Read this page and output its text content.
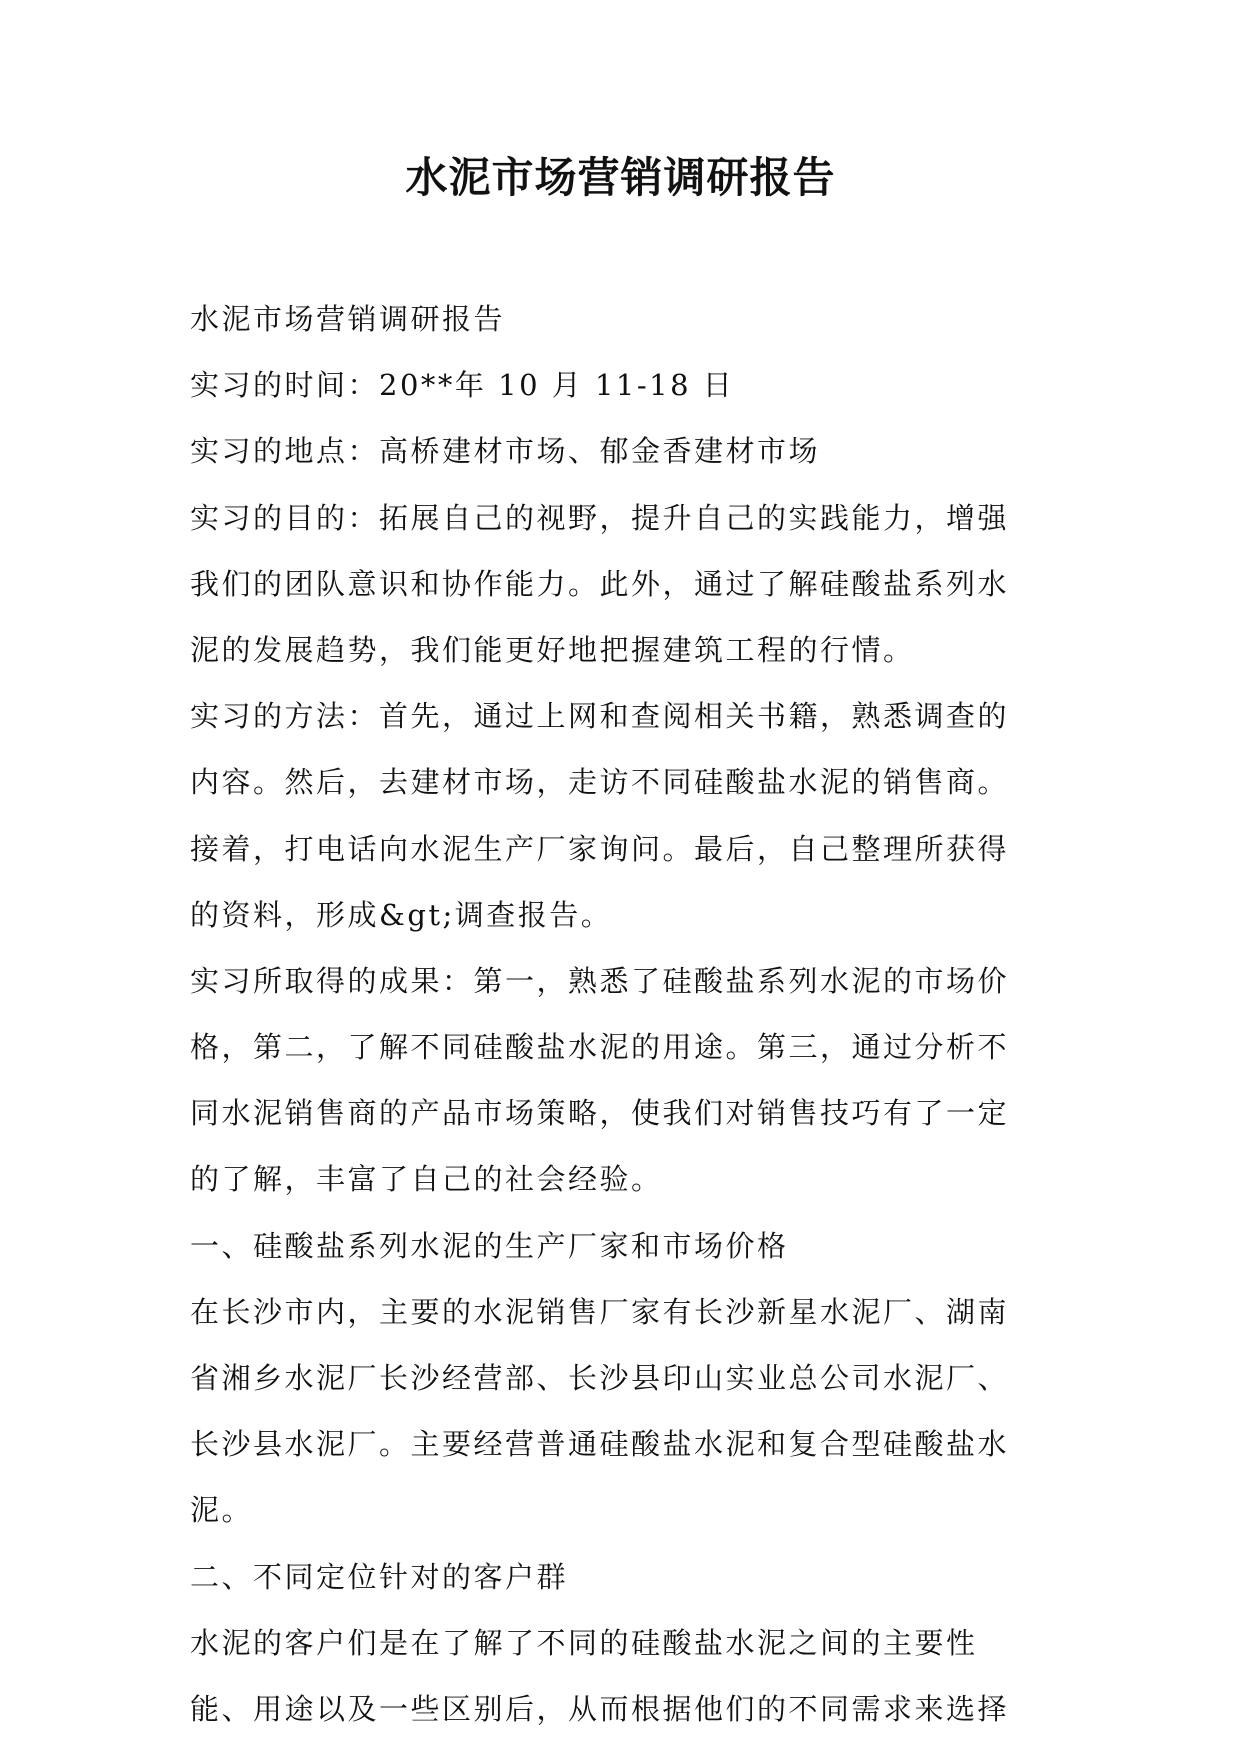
水泥市场营销调研报告

水泥市场营销调研报告

实习的时间：20**年 10 月 11-18 日

实习的地点：高桥建材市场、郁金香建材市场

实习的目的：拓展自己的视野，提升自己的实践能力，增强
我们的团队意识和协作能力。此外，通过了解硅酸盐系列水
泥的发展趋势，我们能更好地把握建筑工程的行情。

实习的方法：首先，通过上网和查阅相关书籍，熟悉调查的
内容。然后，去建材市场，走访不同硅酸盐水泥的销售商。
接着，打电话向水泥生产厂家询问。最后，自己整理所获得
的资料，形成&gt;调查报告。

实习所取得的成果：第一，熟悉了硅酸盐系列水泥的市场价
格，第二，了解不同硅酸盐水泥的用途。第三，通过分析不
同水泥销售商的产品市场策略，使我们对销售技巧有了一定
的了解，丰富了自己的社会经验。

一、硅酸盐系列水泥的生产厂家和市场价格

在长沙市内，主要的水泥销售厂家有长沙新星水泥厂、湖南
省湘乡水泥厂长沙经营部、长沙县印山实业总公司水泥厂、
长沙县水泥厂。主要经营普通硅酸盐水泥和复合型硅酸盐水
泥。

二、不同定位针对的客户群

水泥的客户们是在了解了不同的硅酸盐水泥之间的主要性
能、用途以及一些区别后，从而根据他们的不同需求来选择
